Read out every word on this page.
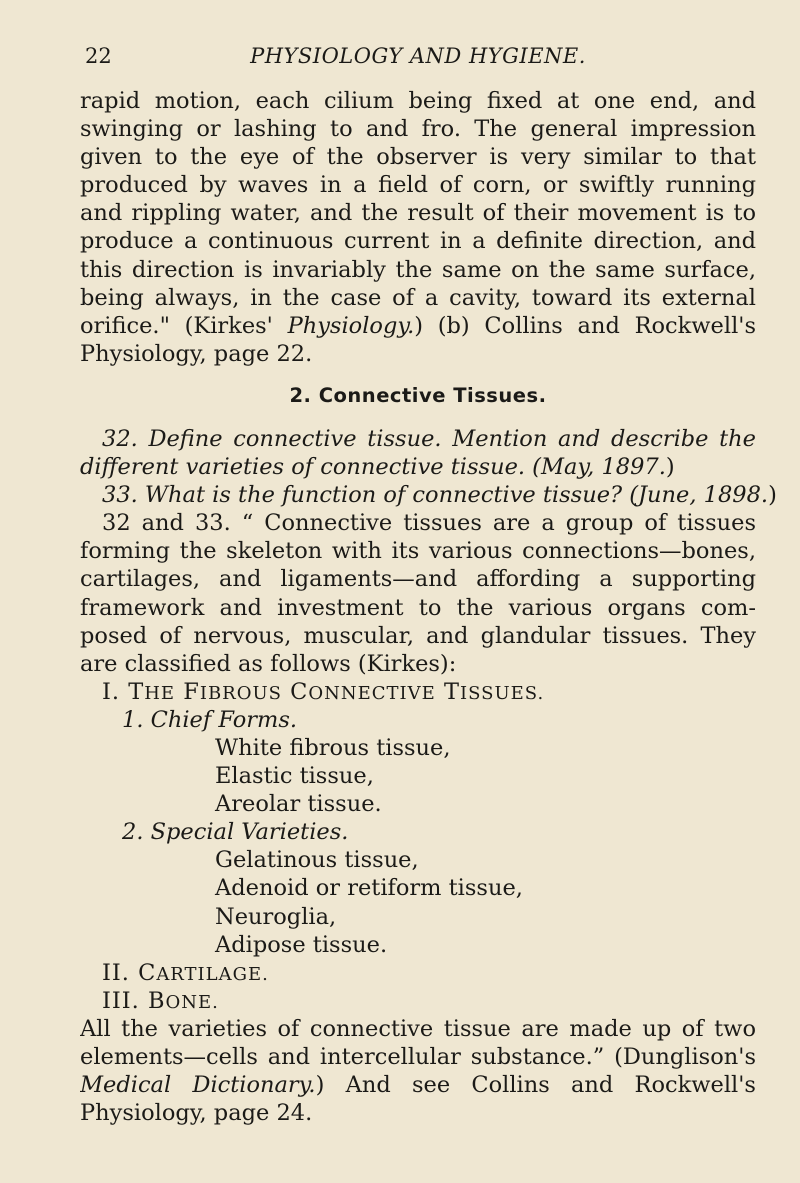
22	PHYSIOLOGY AND HYGIENE.
rapid motion, each cilium being fixed at one end, and
swinging or lashing to and fro. The general impression
given to the eye of the observer is very similar to that
produced by waves in a field of corn, or swiftly running
and rippling water, and the result of their movement is to
produce a continuous current in a definite direction, and
this direction is invariably the same on the same surface,
being always, in the case of a cavity, toward its external
orifice." (Kirkes' Physiology.) (b) Collins and Rockwell's
Physiology, page 22.
2. Connective Tissues.
32. Define connective tissue. Mention and describe the
different varieties of connective tissue. (May, 1897.)
33. What is the function of connective tissue? (June, 1898.)
32 and 33. “ Connective tissues are a group of tissues
forming the skeleton with its various connections—bones,
cartilages, and ligaments—and affording a supporting
framework and investment to the various organs com-
posed of nervous, muscular, and glandular tissues. They
are classified as follows (Kirkes):
I. THE FIBROUS CONNECTIVE TISSUES.
1. Chief Forms.
White fibrous tissue,
Elastic tissue,
Areolar tissue.
2. Special Varieties.
Gelatinous tissue,
Adenoid or retiform tissue,
Neuroglia,
Adipose tissue.
II. CARTILAGE.
III. BONE.
All the varieties of connective tissue are made up of two
elements—cells and intercellular substance.” (Dunglison's
Medical Dictionary.) And see Collins and Rockwell's
Physiology, page 24.
